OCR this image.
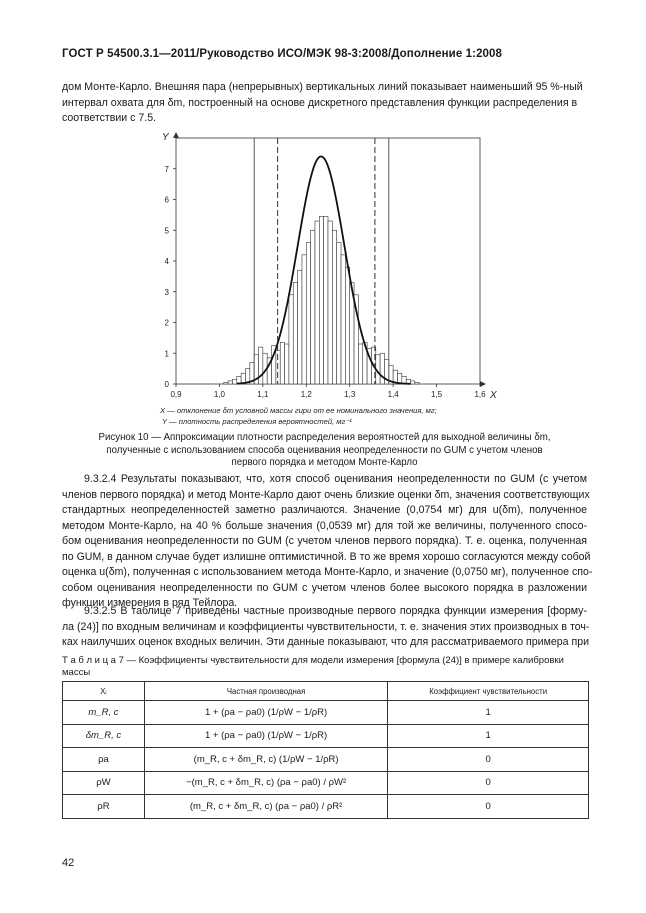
ГОСТ Р 54500.3.1—2011/Руководство ИСО/МЭК 98-3:2008/Дополнение 1:2008
дом Монте-Карло. Внешняя пара (непрерывных) вертикальных линий показывает наименьший 95 %-ный
интервал охвата для δm, построенный на основе дискретного представления функции распределения в
соответствии с 7.5.
0,9	1,0	1,1	1,2	1,3	1,4	1,5	1,6
0
1
2
3
4
5
6
7
X
Y
X — отклонение δm условной массы гири от ее номинального значения, мг;
Y — плотность распределения вероятностей, мг⁻¹
Рисунок 10 — Аппроксимации плотности распределения вероятностей для выходной величины δm,
полученные с использованием способа оценивания неопределенности по GUM с учетом членов
первого порядка и методом Монте-Карло
9.3.2.4 Результаты показывают, что, хотя способ оценивания неопределенности по GUM (с учетом
членов первого порядка) и метод Монте-Карло дают очень близкие оценки δm, значения соответствующих
стандартных неопределенностей заметно различаются. Значение (0,0754 мг) для u(δm), полученное
методом Монте-Карло, на 40 % больше значения (0,0539 мг) для той же величины, полученного спосо-
бом оценивания неопределенности по GUM (с учетом членов первого порядка). Т. е. оценка, полученная
по GUM, в данном случае будет излишне оптимистичной. В то же время хорошо согласуются между собой
оценка u(δm), полученная с использованием метода Монте-Карло, и значение (0,0750 мг), полученное спо-
собом оценивания неопределенности по GUM с учетом членов более высокого порядка в разложении
функции измерения в ряд Тейлора.
9.3.2.5 В таблице 7 приведены частные производные первого порядка функции измерения [форму-
ла (24)] по входным величинам и коэффициенты чувствительности, т. е. значения этих производных в точ-
ках наилучших оценок входных величин. Эти данные показывают, что для рассматриваемого примера при
Т а б л и ц а 7 — Коэффициенты чувствительности для модели измерения [формула (24)] в примере калибровки
массы
Xᵢ	Частная производная	Коэффициент чувствительности
m_R, c	1 + (ρa − ρa0) (1/ρW − 1/ρR)	1
δm_R, c	1 + (ρa − ρa0) (1/ρW − 1/ρR)	1
ρa	(m_R, c + δm_R, c) (1/ρW − 1/ρR)	0
ρW	−(m_R, c + δm_R, c) (ρa − ρa0) / ρW²	0
ρR	(m_R, c + δm_R, c) (ρa − ρa0) / ρR²	0
42
